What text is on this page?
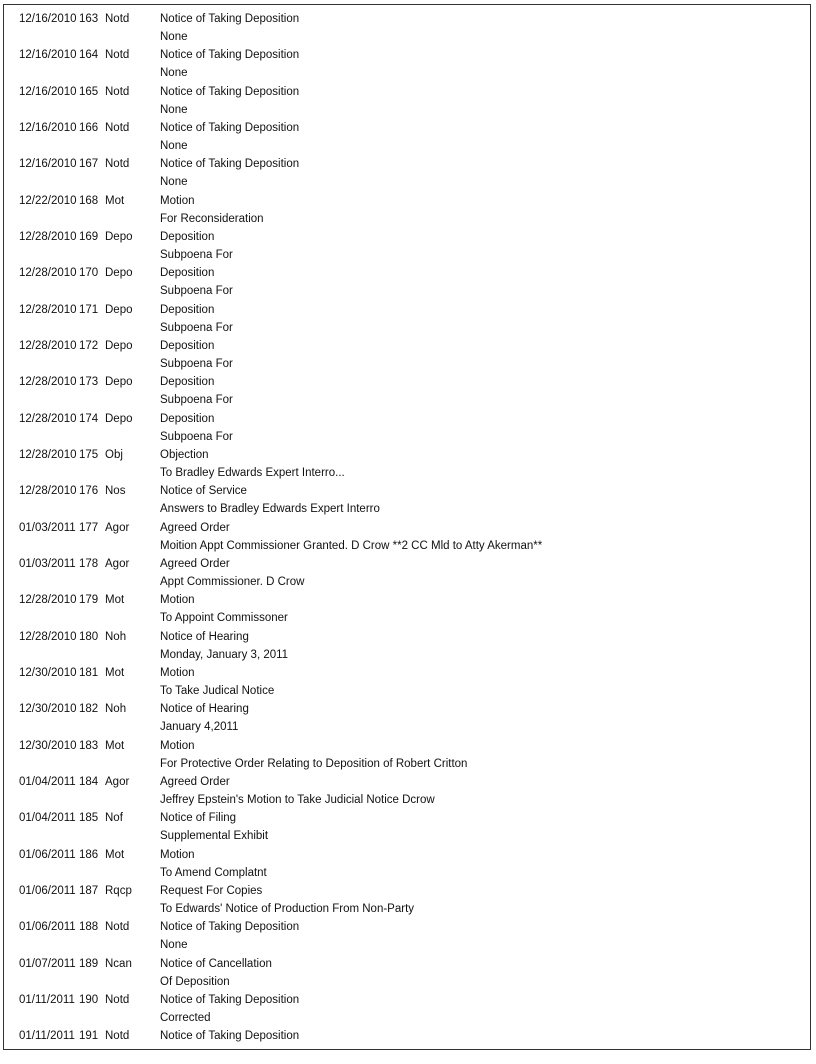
12/16/2010 163 Notd	Notice of Taking Deposition
None
12/16/2010 164 Notd	Notice of Taking Deposition
None
12/16/2010 165 Notd	Notice of Taking Deposition
None
12/16/2010 166 Notd	Notice of Taking Deposition
None
12/16/2010 167 Notd	Notice of Taking Deposition
None
12/22/2010 168 Mot	Motion
For Reconsideration
12/28/2010 169 Depo Deposition
Subpoena For
12/28/2010 170 Depo Deposition
Subpoena For
12/28/2010 171 Depo Deposition
Subpoena For
12/28/2010 172 Depo Deposition
Subpoena For
12/28/2010 173 Depo Deposition
Subpoena For
12/28/2010 174 Depo Deposition
Subpoena For
12/28/2010 175 Obj	Objection
To Bradley Edwards Expert Interro...
12/28/2010 176 Nos	Notice of Service
Answers to Bradley Edwards Expert Interro
01/03/2011 177 Agor	Agreed Order
Moition Appt Commissioner Granted. D Crow **2 CC Mld to Atty Akerman**
01/03/2011 178 Agor	Agreed Order
Appt Commissioner. D Crow
12/28/2010 179 Mot	Motion
To Appoint Commissoner
12/28/2010 180 Noh	Notice of Hearing
Monday, January 3, 2011
12/30/2010 181 Mot	Motion
To Take Judical Notice
12/30/2010 182 Noh	Notice of Hearing
January 4,2011
12/30/2010 183 Mot	Motion
For Protective Order Relating to Deposition of Robert Critton
01/04/2011 184 Agor	Agreed Order
Jeffrey Epstein's Motion to Take Judicial Notice Dcrow
01/04/2011 185 Nof	Notice of Filing
Supplemental Exhibit
01/06/2011 186 Mot	Motion
To Amend Complatnt
01/06/2011 187 Rqcp Request For Copies
To Edwards' Notice of Production From Non-Party
01/06/2011 188 Notd	Notice of Taking Deposition
None
01/07/2011 189 Ncan Notice of Cancellation
Of Deposition
01/11/2011 190 Notd	Notice of Taking Deposition
Corrected
01/11/2011 191 Notd	Notice of Taking Deposition
